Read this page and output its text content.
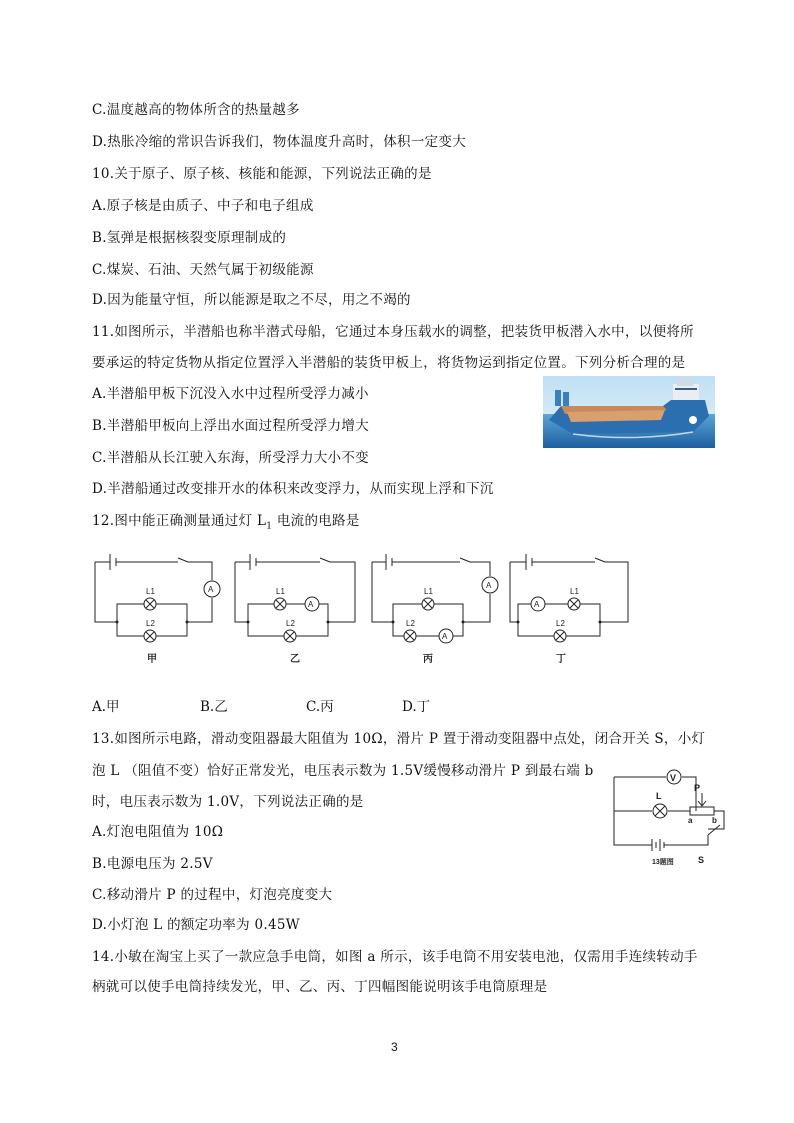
C.温度越高的物体所含的热量越多
D.热胀冷缩的常识告诉我们，物体温度升高时，体积一定变大
10.关于原子、原子核、核能和能源，下列说法正确的是
A.原子核是由质子、中子和电子组成
B.氢弹是根据核裂变原理制成的
C.煤炭、石油、天然气属于初级能源
D.因为能量守恒，所以能源是取之不尽，用之不竭的
11.如图所示，半潜船也称半潜式母船，它通过本身压载水的调整，把装货甲板潜入水中，以便将所
要承运的特定货物从指定位置浮入半潜船的装货甲板上，将货物运到指定位置。下列分析合理的是
A.半潜船甲板下沉没入水中过程所受浮力减小
B.半潜船甲板向上浮出水面过程所受浮力增大
C.半潜船从长江驶入东海，所受浮力大小不变
D.半潜船通过改变排开水的体积来改变浮力，从而实现上浮和下沉
12.图中能正确测量通过灯 $L_1$ 电流的电路是
L1
L2
A	L1
L2
A
L1
L2
A
A
L1
L2
A
甲	乙	丙	丁
A.甲	B.乙	C.丙	D.丁
13.如图所示电路，滑动变阻器最大阻值为 10Ω，滑片 P 置于滑动变阻器中点处，闭合开关 S，小灯
泡 L （阻值不变）恰好正常发光，电压表示数为 1.5V缓慢移动滑片 P 到最右端 b
时，电压表示数为 1.0V，下列说法正确的是
A.灯泡电阻值为 10Ω
B.电源电压为 2.5V
C.移动滑片 P 的过程中，灯泡亮度变大
D.小灯泡 L 的额定功率为 0.45W
V
L
P
a b
S
13题图
14.小敏在淘宝上买了一款应急手电筒，如图 a 所示，该手电筒不用安装电池，仅需用手连续转动手
柄就可以使手电筒持续发光，甲、乙、丙、丁四幅图能说明该手电筒原理是
3
